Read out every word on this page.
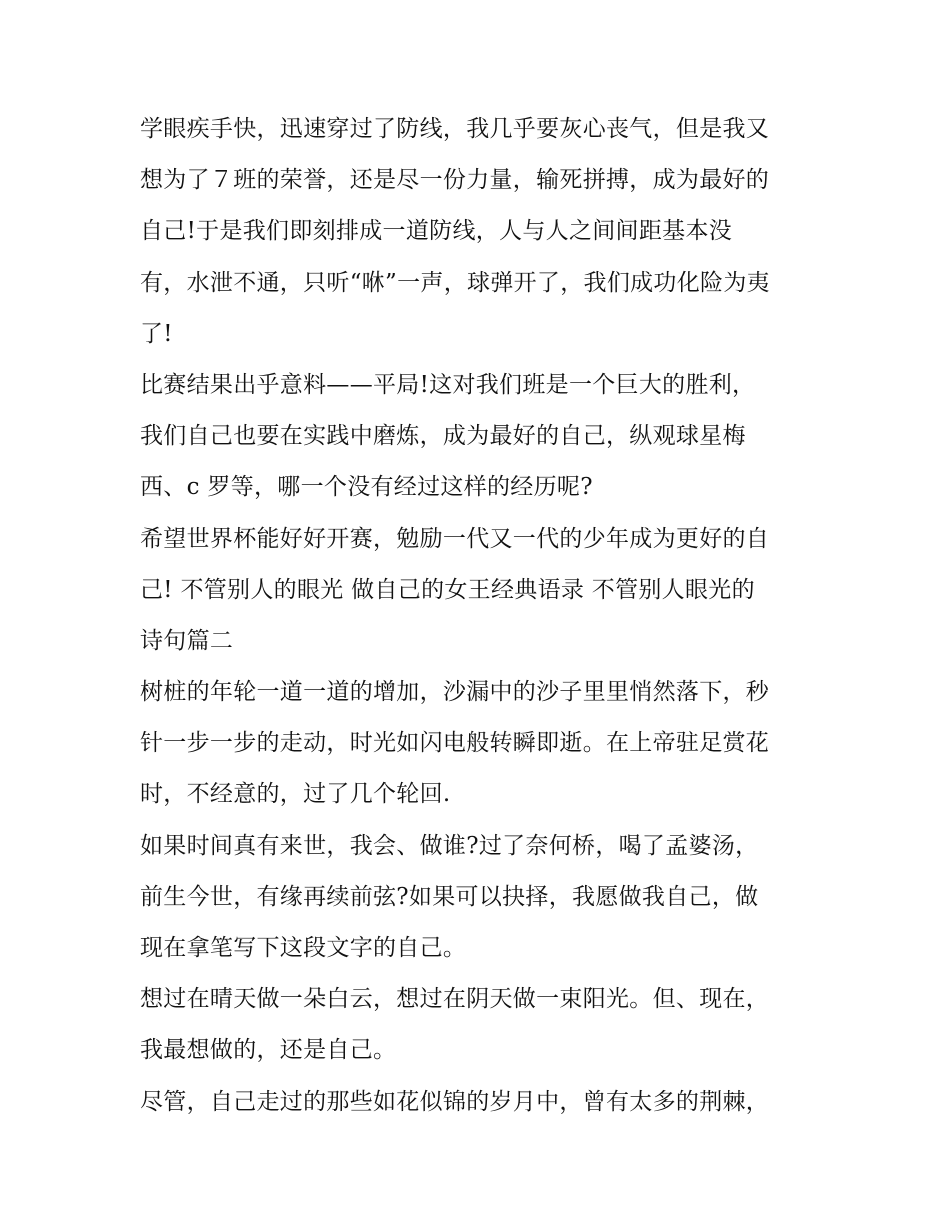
学眼疾手快，迅速穿过了防线，我几乎要灰心丧气，但是我又
想为了７班的荣誉，还是尽一份力量，输死拼搏，成为最好的
自己!于是我们即刻排成一道防线，人与人之间间距基本没
有，水泄不通，只听“咻”一声，球弹开了，我们成功化险为夷
了!
比赛结果出乎意料——平局!这对我们班是一个巨大的胜利，
我们自己也要在实践中磨炼，成为最好的自己，纵观球星梅
西、c 罗等，哪一个没有经过这样的经历呢?
希望世界杯能好好开赛，勉励一代又一代的少年成为更好的自
己! 不管别人的眼光 做自己的女王经典语录 不管别人眼光的
诗句篇二
树桩的年轮一道一道的增加，沙漏中的沙子里里悄然落下，秒
针一步一步的走动，时光如闪电般转瞬即逝。在上帝驻足赏花
时，不经意的，过了几个轮回.
如果时间真有来世，我会、做谁?过了奈何桥，喝了孟婆汤，
前生今世，有缘再续前弦?如果可以抉择，我愿做我自己，做
现在拿笔写下这段文字的自己。
想过在晴天做一朵白云，想过在阴天做一束阳光。但、现在，
我最想做的，还是自己。
尽管，自己走过的那些如花似锦的岁月中，曾有太多的荆棘，
